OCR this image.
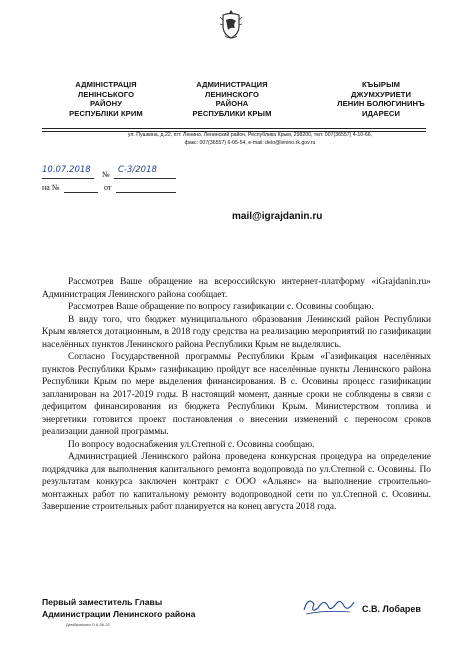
АДМІНІСТРАЦІЯ
ЛЕНІНСЬКОГО
РАЙОНУ
РЕСПУБЛІКИ КРИМ
АДМИНИСТРАЦИЯ
ЛЕНИНСКОГО
РАЙОНА
РЕСПУБЛИКИ КРЫМ
КЪЫРЫМ
ДЖУМХУРИЕТИ
ЛЕНИН БОЛЮГИНИНЪ
ИДАРЕСИ
ул. Пушкина, д.22, пгт. Ленино, Ленинский район, Республика Крым, 298200, тел: 007(36557) 4-10-66,
факс: 007(36557) 6-05-54, e-mail: delo@lenino.rk.gov.ru
10.07.2018 № С-3/2018
на №	от
mail@igrajdanin.ru

Рассмотрев Ваше обращение на всероссийскую интернет-платформу «iGrajdanin.ru» Администрация Ленинского района сообщает.

Рассмотрев Ваше обращение по вопросу газификации с. Осовины сообщаю.

В виду того, что бюджет муниципального образования Ленинский район Республики Крым является дотационным, в 2018 году средства на реализацию мероприятий по газификации населённых пунктов Ленинского района Республики Крым не выделялись.

Согласно Государственной программы Республики Крым «Газификация населённых пунктов Республики Крым» газификацию пройдут все населённые пункты Ленинского района Республики Крым по мере выделения финансирования. В с. Осовины процесс газификации запланирован на 2017-2019 годы. В настоящий момент, данные сроки не соблюдены в связи с дефицитом финансирования из бюджета Республики Крым. Министерством топлива и энергетики готовится проект постановления о внесении изменений с переносом сроков реализации данной программы.

По вопросу водоснабжения ул.Степной с. Осовины сообщаю.

Администрацией Ленинского района проведена конкурсная процедура на определение подрядчика для выполнения капитального ремонта водопровода по ул.Степной с. Осовины. По результатам конкурса заключен контракт с ООО «Альянс» на выполнение строительно-монтажных работ по капитальному ремонту водопроводной сети по ул.Степной с. Осовины. Завершение строительных работ планируется на конец августа 2018 года.

Первый заместитель Главы
Администрации Ленинского района	С.В. Лобарев
Дембровская О 6-06-32
